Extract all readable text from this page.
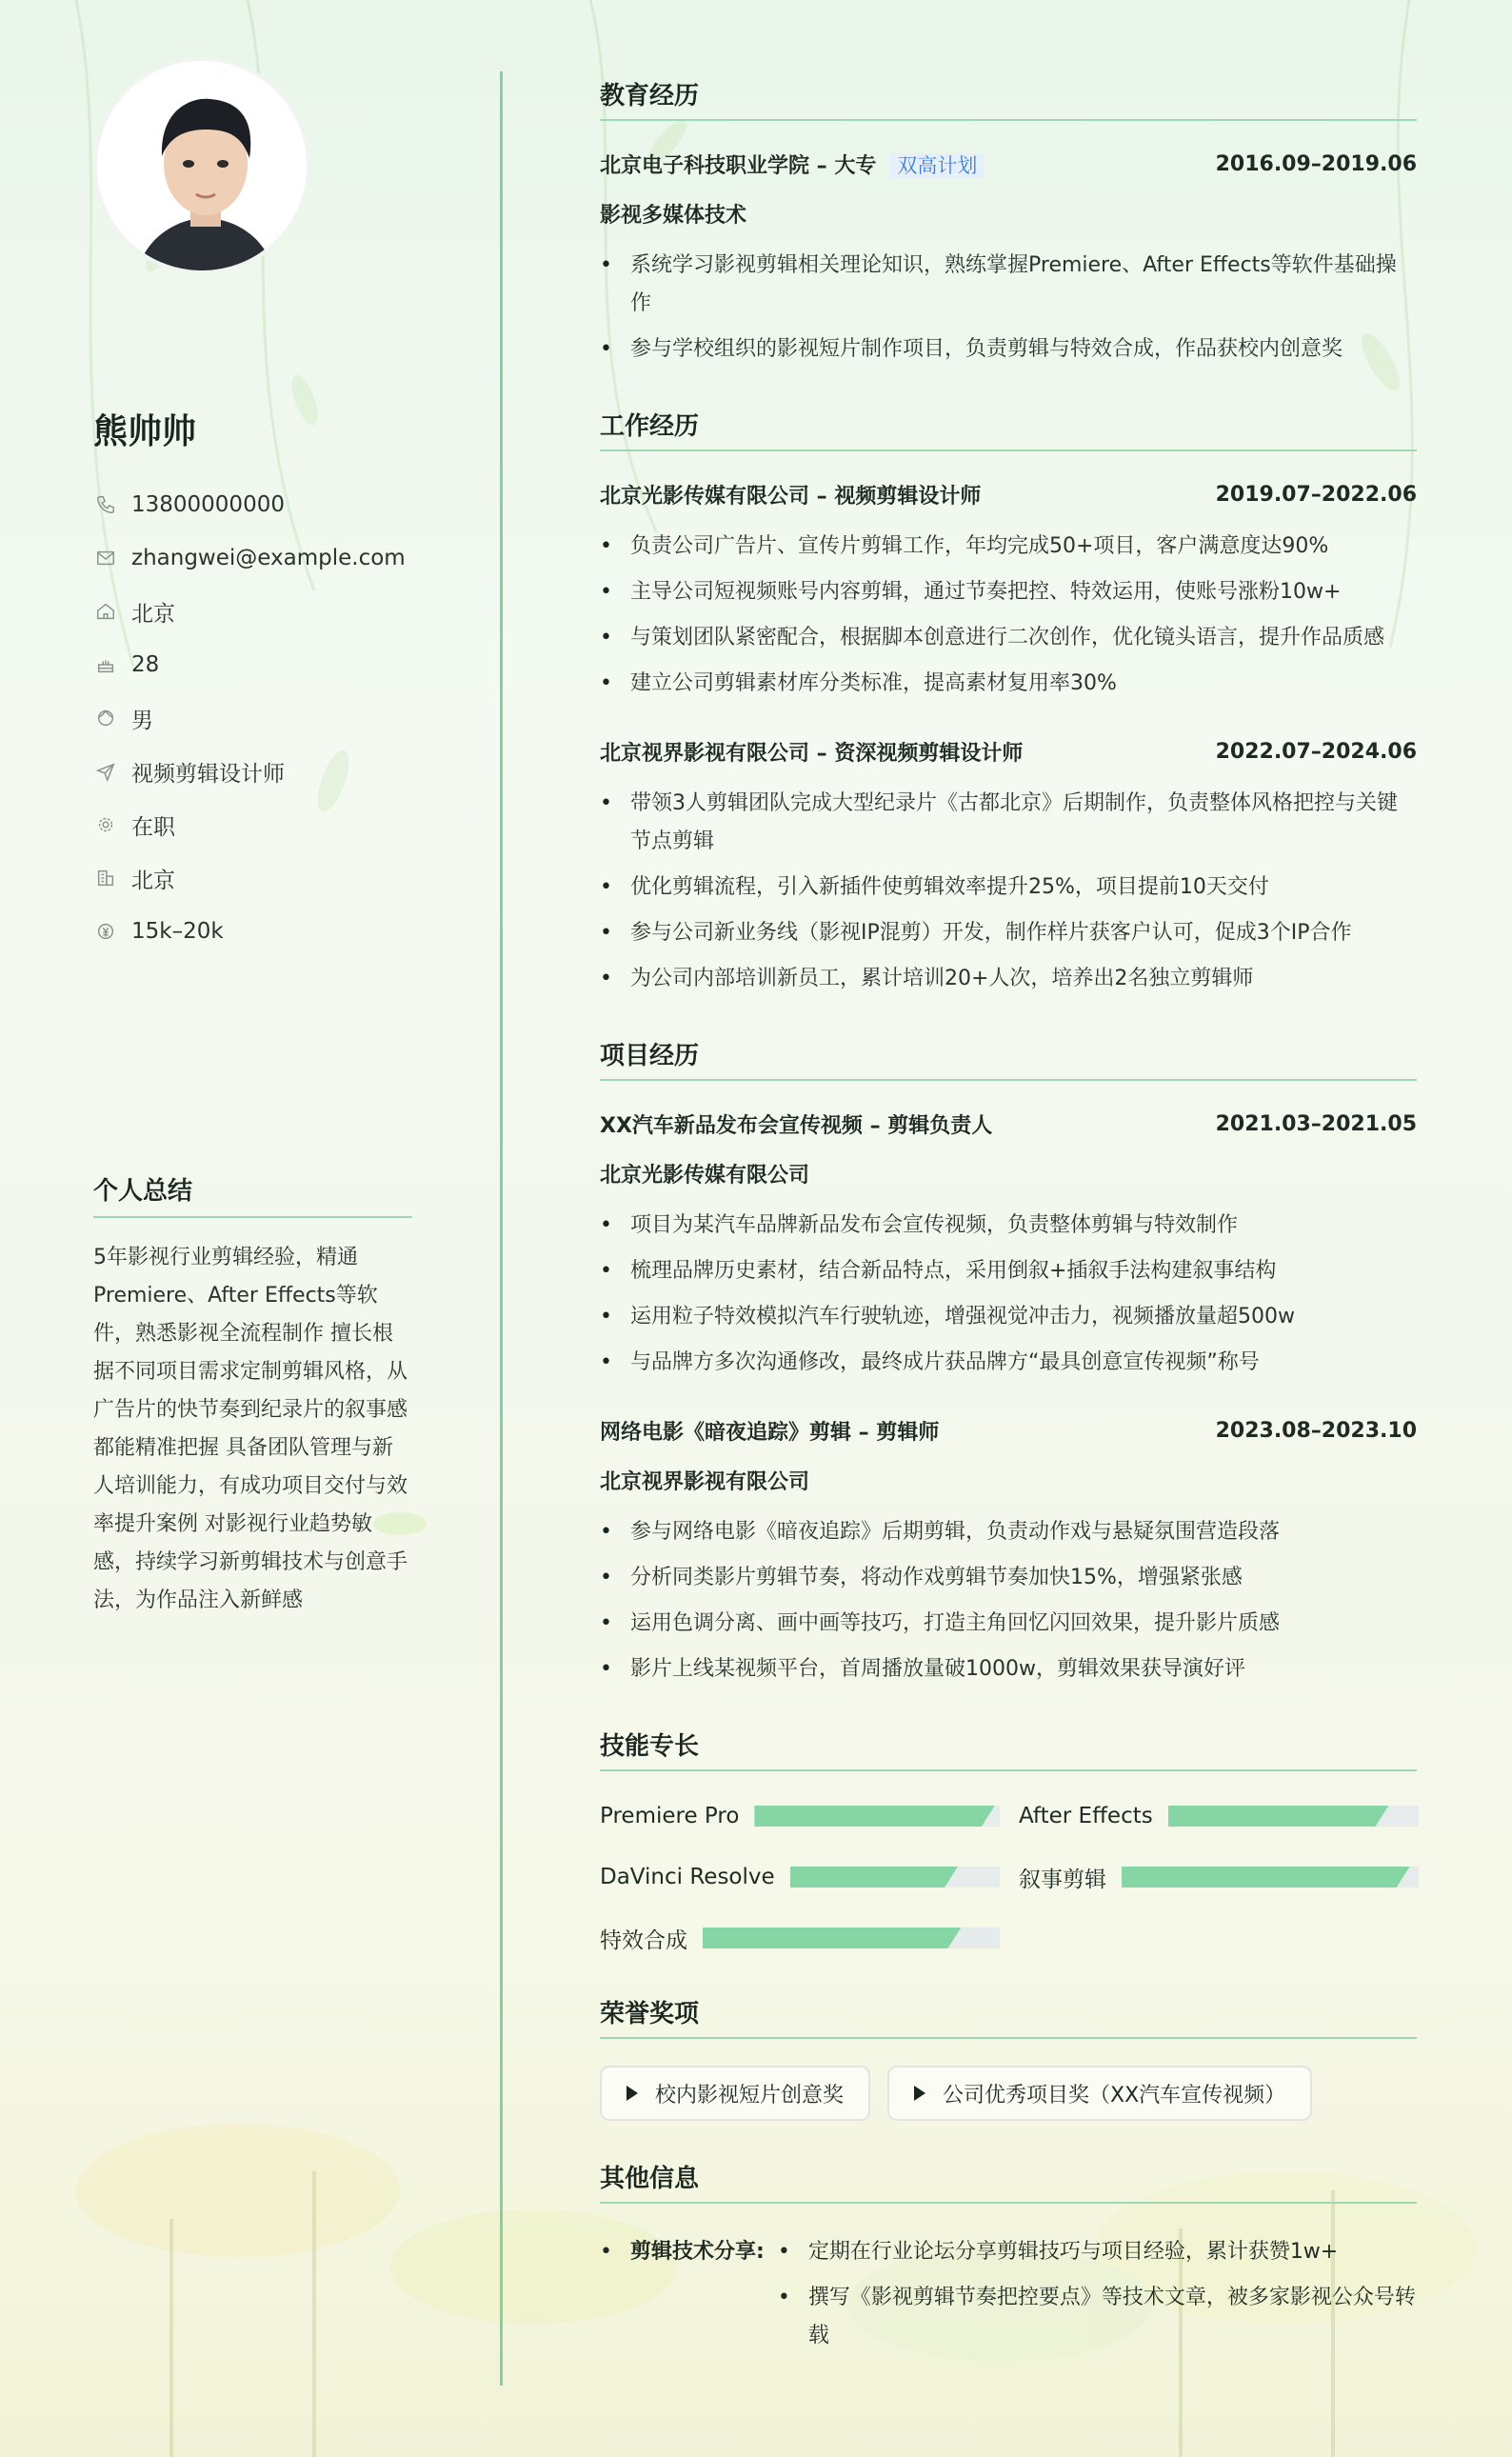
熊帅帅
13800000000
zhangwei@example.com
北京
28
男
视频剪辑设计师
在职
北京
15k–20k
个人总结

5年影视行业剪辑经验，精通Premiere、After Effects等软件，熟悉影视全流程制作 擅长根据不同项目需求定制剪辑风格，从广告片的快节奏到纪录片的叙事感都能精准把握 具备团队管理与新人培训能力，有成功项目交付与效率提升案例 对影视行业趋势敏感，持续学习新剪辑技术与创意手法，为作品注入新鲜感

教育经历
北京电子科技职业学院 – 大专 双高计划	2016.09–2019.06
影视多媒体技术
• 系统学习影视剪辑相关理论知识，熟练掌握Premiere、After Effects等软件基础操作
• 参与学校组织的影视短片制作项目，负责剪辑与特效合成，作品获校内创意奖
工作经历
北京光影传媒有限公司 – 视频剪辑设计师	2019.07–2022.06
• 负责公司广告片、宣传片剪辑工作，年均完成50+项目，客户满意度达90%
• 主导公司短视频账号内容剪辑，通过节奏把控、特效运用，使账号涨粉10w+
• 与策划团队紧密配合，根据脚本创意进行二次创作，优化镜头语言，提升作品质感
• 建立公司剪辑素材库分类标准，提高素材复用率30%
北京视界影视有限公司 – 资深视频剪辑设计师	2022.07–2024.06
• 带领3人剪辑团队完成大型纪录片《古都北京》后期制作，负责整体风格把控与关键节点剪辑
• 优化剪辑流程，引入新插件使剪辑效率提升25%，项目提前10天交付
• 参与公司新业务线（影视IP混剪）开发，制作样片获客户认可，促成3个IP合作
• 为公司内部培训新员工，累计培训20+人次，培养出2名独立剪辑师
项目经历
XX汽车新品发布会宣传视频 – 剪辑负责人	2021.03–2021.05
北京光影传媒有限公司
• 项目为某汽车品牌新品发布会宣传视频，负责整体剪辑与特效制作
• 梳理品牌历史素材，结合新品特点，采用倒叙+插叙手法构建叙事结构
• 运用粒子特效模拟汽车行驶轨迹，增强视觉冲击力，视频播放量超500w
• 与品牌方多次沟通修改，最终成片获品牌方“最具创意宣传视频”称号
网络电影《暗夜追踪》剪辑 – 剪辑师	2023.08–2023.10
北京视界影视有限公司
• 参与网络电影《暗夜追踪》后期剪辑，负责动作戏与悬疑氛围营造段落
• 分析同类影片剪辑节奏，将动作戏剪辑节奏加快15%，增强紧张感
• 运用色调分离、画中画等技巧，打造主角回忆闪回效果，提升影片质感
• 影片上线某视频平台，首周播放量破1000w，剪辑效果获导演好评
技能专长
Premiere Pro	After Effects
DaVinci Resolve	叙事剪辑
特效合成
荣誉奖项
校内影视短片创意奖	公司优秀项目奖（XX汽车宣传视频）
其他信息
• 剪辑技术分享:
•	定期在行业论坛分享剪辑技巧与项目经验，累计获赞1w+
• 撰写《影视剪辑节奏把控要点》等技术文章，被多家影视公众号转载
